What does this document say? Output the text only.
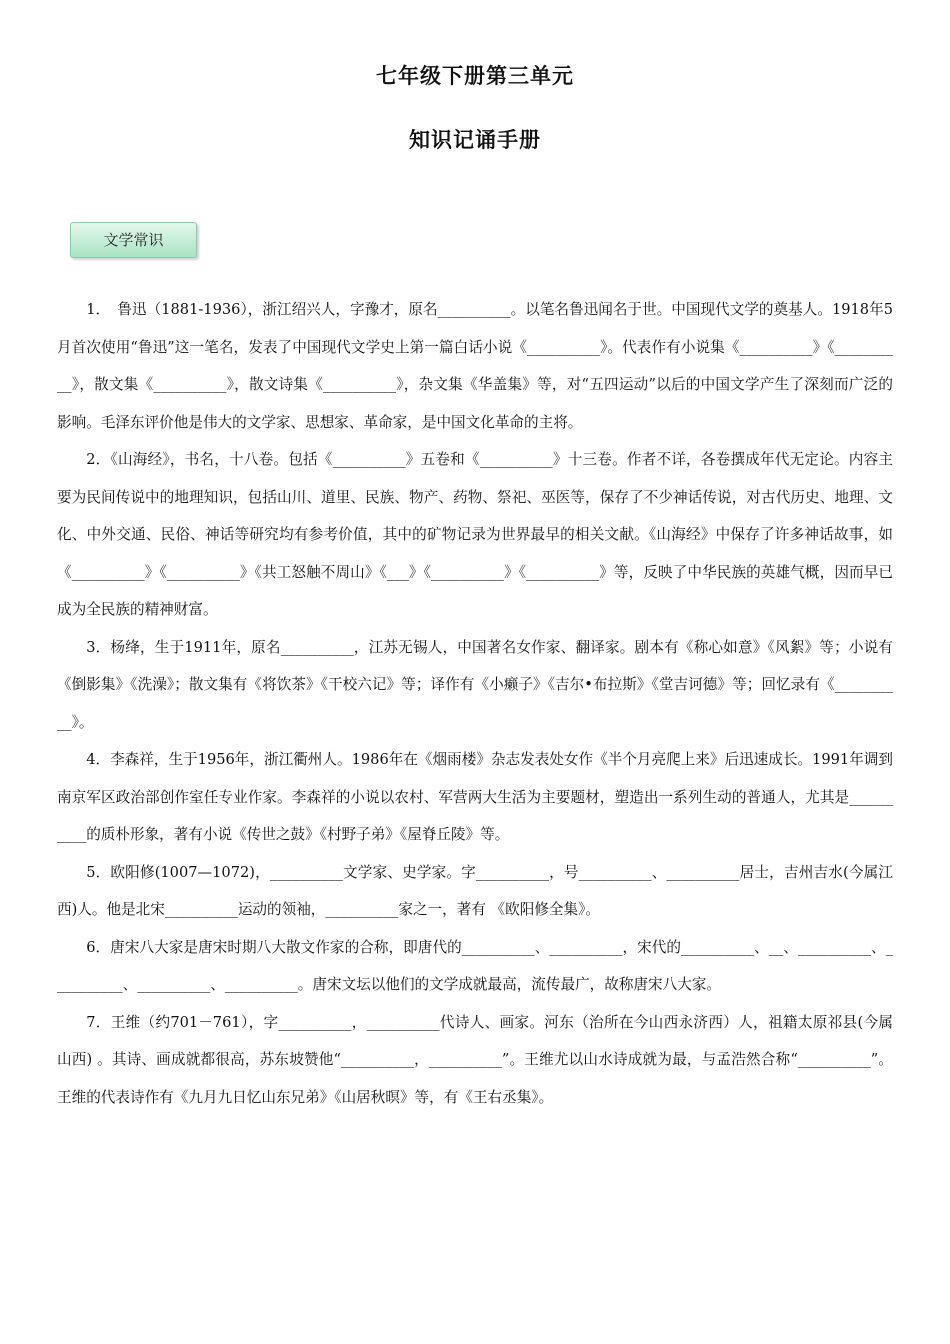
七年级下册第三单元
知识记诵手册
文学常识

1．　鲁迅（1881-1936），浙江绍兴人，字豫才，原名__________。以笔名鲁迅闻名于世。中国现代文学的奠基人。1918年5月首次使用“鲁迅”这一笔名，发表了中国现代文学史上第一篇白话小说《__________》。代表作有小说集《__________》《__________》，散文集《__________》，散文诗集《__________》，杂文集《华盖集》等，对“五四运动”以后的中国文学产生了深刻而广泛的影响。毛泽东评价他是伟大的文学家、思想家、革命家，是中国文化革命的主将。

2．《山海经》，书名，十八卷。包括《__________》五卷和《__________》十三卷。作者不详，各卷撰成年代无定论。内容主要为民间传说中的地理知识，包括山川、道里、民族、物产、药物、祭祀、巫医等，保存了不少神话传说，对古代历史、地理、文化、中外交通、民俗、神话等研究均有参考价值，其中的矿物记录为世界最早的相关文献。《山海经》中保存了许多神话故事，如《__________》《__________》《共工怒触不周山》《___》《__________》《__________》等，反映了中华民族的英雄气概，因而早已成为全民族的精神财富。

3．杨绛，生于1911年，原名__________，江苏无锡人，中国著名女作家、翻译家。剧本有《称心如意》《风絮》等；小说有《倒影集》《洗澡》；散文集有《将饮茶》《干校六记》等；译作有《小癞子》《吉尔•布拉斯》《堂吉诃德》等；回忆录有《__________》。

4．李森祥，生于1956年，浙江衢州人。1986年在《烟雨楼》杂志发表处女作《半个月亮爬上来》后迅速成长。1991年调到南京军区政治部创作室任专业作家。李森祥的小说以农村、军营两大生活为主要题材，塑造出一系列生动的普通人，尤其是__________的质朴形象，著有小说《传世之鼓》《村野子弟》《屋脊丘陵》等。

5．欧阳修(1007—1072)，__________文学家、史学家。字__________，号__________、__________居士，吉州吉水(今属江西)人。他是北宋__________运动的领袖，__________家之一，著有 《欧阳修全集》。

6．唐宋八大家是唐宋时期八大散文作家的合称，即唐代的__________、__________，宋代的__________、__、__________、__________、__________、__________。唐宋文坛以他们的文学成就最高，流传最广，故称唐宋八大家。

7．王维（约701－761），字__________，__________代诗人、画家。河东（治所在今山西永济西）人，祖籍太原祁县(今属山西) 。其诗、画成就都很高，苏东坡赞他“__________，__________”。王维尤以山水诗成就为最，与孟浩然合称“__________”。王维的代表诗作有《九月九日忆山东兄弟》《山居秋暝》等，有《王右丞集》。
